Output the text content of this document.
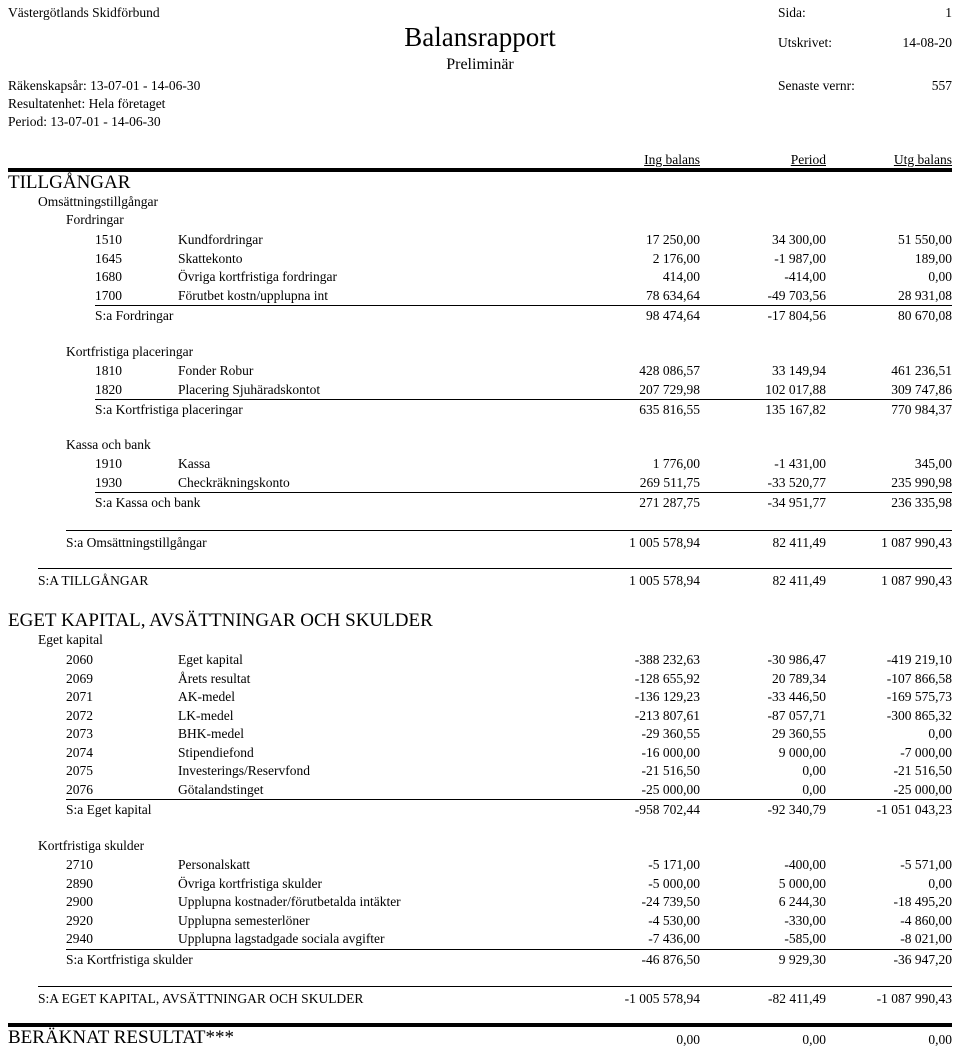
Västergötlands Skidförbund
Balansrapport
Preliminär
Räkenskapsår: 13-07-01 - 14-06-30
Resultatenhet: Hela företaget
Period: 13-07-01 - 14-06-30
Sida:	1
Utskrivet:	14-08-20
Senaste vernr:	557
Ing balans	Period	Utg balans
TILLGÅNGAR
Omsättningstillgångar
Fordringar
1510	Kundfordringar	17 250,00	34 300,00	51 550,00
1645	Skattekonto	2 176,00	-1 987,00	189,00
1680	Övriga kortfristiga fordringar	414,00	-414,00	0,00
1700	Förutbet kostn/upplupna int	78 634,64	-49 703,56	28 931,08
S:a Fordringar	98 474,64	-17 804,56	80 670,08
Kortfristiga placeringar
1810	Fonder Robur	428 086,57	33 149,94	461 236,51
1820	Placering Sjuhäradskontot	207 729,98	102 017,88	309 747,86
S:a Kortfristiga placeringar	635 816,55	135 167,82	770 984,37
Kassa och bank
1910	Kassa	1 776,00	-1 431,00	345,00
1930	Checkräkningskonto	269 511,75	-33 520,77	235 990,98
S:a Kassa och bank	271 287,75	-34 951,77	236 335,98
S:a Omsättningstillgångar	1 005 578,94	82 411,49	1 087 990,43
S:A TILLGÅNGAR	1 005 578,94	82 411,49	1 087 990,43
EGET KAPITAL, AVSÄTTNINGAR OCH SKULDER
Eget kapital
2060	Eget kapital	-388 232,63	-30 986,47	-419 219,10
2069	Årets resultat	-128 655,92	20 789,34	-107 866,58
2071	AK-medel	-136 129,23	-33 446,50	-169 575,73
2072	LK-medel	-213 807,61	-87 057,71	-300 865,32
2073	BHK-medel	-29 360,55	29 360,55	0,00
2074	Stipendiefond	-16 000,00	9 000,00	-7 000,00
2075	Investerings/Reservfond	-21 516,50	0,00	-21 516,50
2076	Götalandstinget	-25 000,00	0,00	-25 000,00
S:a Eget kapital	-958 702,44	-92 340,79	-1 051 043,23
Kortfristiga skulder
2710	Personalskatt	-5 171,00	-400,00	-5 571,00
2890	Övriga kortfristiga skulder	-5 000,00	5 000,00	0,00
2900	Upplupna kostnader/förutbetalda intäkter	-24 739,50	6 244,30	-18 495,20
2920	Upplupna semesterlöner	-4 530,00	-330,00	-4 860,00
2940	Upplupna lagstadgade sociala avgifter	-7 436,00	-585,00	-8 021,00
S:a Kortfristiga skulder	-46 876,50	9 929,30	-36 947,20
S:A EGET KAPITAL, AVSÄTTNINGAR OCH SKULDER	-1 005 578,94	-82 411,49	-1 087 990,43
BERÄKNAT RESULTAT***	0,00	0,00	0,00
